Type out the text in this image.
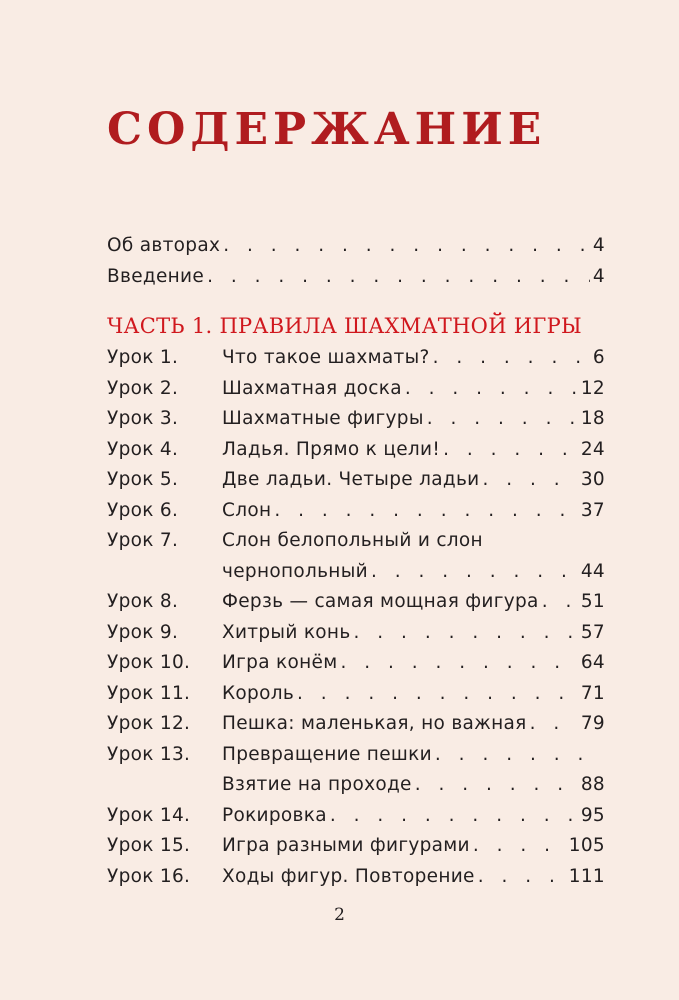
СОДЕРЖАНИЕ
Об авторах . . .	4
Введение . . .	4
ЧАСТЬ 1. ПРАВИЛА ШАХМАТНОЙ ИГРЫ
Урок 1.	Что такое шахматы? . . .	6
Урок 2.	Шахматная доска . . .	12
Урок 3.	Шахматные фигуры . . .	18
Урок 4.	Ладья. Прямо к цели! . . .	24
Урок 5.	Две ладьи. Четыре ладьи . . .	30
Урок 6.	Слон . . .	37
Урок 7.	Слон белопольный и слон
чернопольный . . .	44
Урок 8.	Ферзь — самая мощная фигура . . . 51
Урок 9.	Хитрый конь . . .	57
Урок 10.	Игра конём . . .	64
Урок 11.	Король . . .	71
Урок 12.	Пешка: маленькая, но важная . . .	79
Урок 13.	Превращение пешки
. . .
Взятие на проходе . . .	88
Урок 14.	Рокировка . . .	95
Урок 15.	Игра разными фигурами . . .	105
Урок 16.	Ходы фигур. Повторение . . .	111
2
